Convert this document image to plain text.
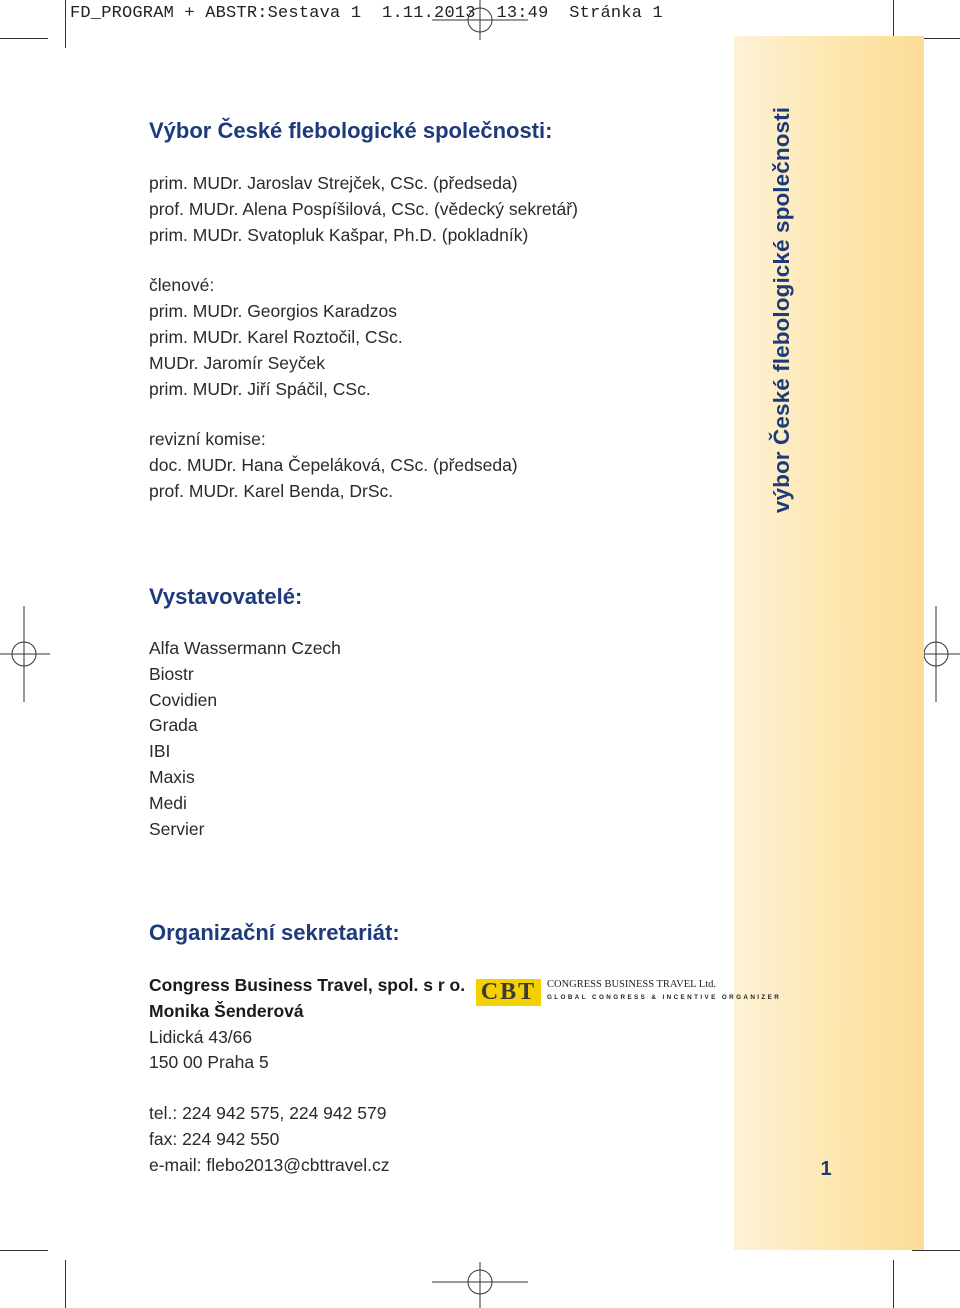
FD_PROGRAM + ABSTR:Sestava 1  1.11.2013  13:49  Stránka 1
výbor České flebologické společnosti
1
Výbor České flebologické společnosti:
prim. MUDr. Jaroslav Strejček, CSc. (předseda)
prof. MUDr. Alena Pospíšilová, CSc. (vědecký sekretář)
prim. MUDr. Svatopluk Kašpar, Ph.D. (pokladník)
členové:
prim. MUDr. Georgios Karadzos
prim. MUDr. Karel Roztočil, CSc.
MUDr. Jaromír Seyček
prim. MUDr. Jiří Spáčil, CSc.
revizní komise:
doc. MUDr. Hana Čepeláková, CSc. (předseda)
prof. MUDr. Karel Benda, DrSc.
Vystavovatelé:
Alfa Wassermann Czech
Biostr
Covidien
Grada
IBI
Maxis
Medi
Servier
Organizační sekretariát:
Congress Business Travel, spol. s r o.
Monika Šenderová
Lidická 43/66
150 00 Praha 5
tel.: 224 942 575, 224 942 579
fax: 224 942 550
e-mail: flebo2013@cbttravel.cz
CBT	CONGRESS BUSINESS TRAVEL Ltd.
GLOBAL CONGRESS & INCENTIVE ORGANIZER
